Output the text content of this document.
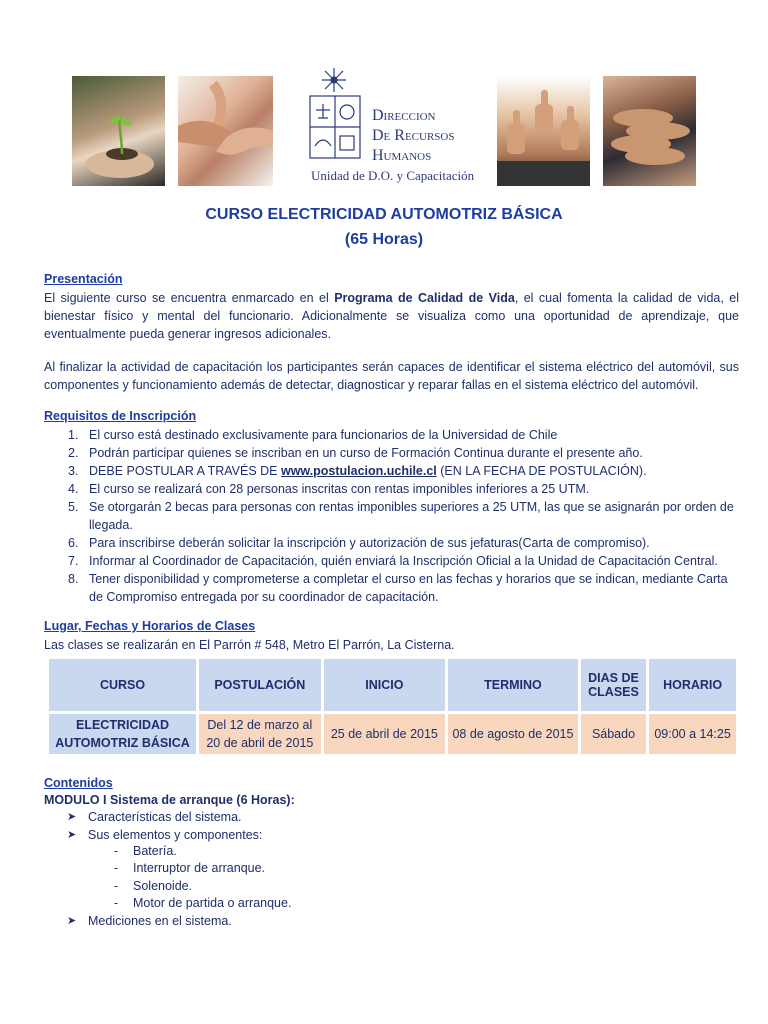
Direccion
De Recursos
Humanos
Unidad de D.O. y Capacitación
CURSO ELECTRICIDAD AUTOMOTRIZ BÁSICA
(65 Horas)
Presentación
El siguiente curso se encuentra enmarcado en el Programa de Calidad de Vida, el cual fomenta la calidad de vida, el bienestar físico y mental del funcionario. Adicionalmente se visualiza como una oportunidad de aprendizaje, que eventualmente pueda generar ingresos adicionales.
Al finalizar la actividad de capacitación los participantes serán capaces de identificar el sistema eléctrico del automóvil, sus componentes y funcionamiento además de detectar, diagnosticar y reparar fallas en el sistema eléctrico del automóvil.
Requisitos de Inscripción
1. El curso está destinado exclusivamente para funcionarios de la Universidad de Chile
2. Podrán participar quienes se inscriban en un curso de Formación Continua durante el presente año.
3. DEBE POSTULAR A TRAVÉS DE www.postulacion.uchile.cl (EN LA FECHA DE POSTULACIÓN).
4. El curso se realizará con 28 personas inscritas con rentas imponibles inferiores a 25 UTM.
5. Se otorgarán 2 becas para personas con rentas imponibles superiores a 25 UTM, las que se asignarán por orden de llegada.
6. Para inscribirse deberán solicitar la inscripción y autorización de sus jefaturas(Carta de compromiso).
7. Informar al Coordinador de Capacitación, quién enviará la Inscripción Oficial a la Unidad de Capacitación Central.
8. Tener disponibilidad y comprometerse a completar el curso en las fechas y horarios que se indican, mediante Carta de Compromiso entregada por su coordinador de capacitación.
Lugar, Fechas y Horarios de Clases
Las clases se realizarán en El Parrón # 548, Metro El Parrón, La Cisterna.
CURSO	POSTULACIÓN	INICIO	TERMINO	DIAS DE CLASES	HORARIO
ELECTRICIDAD AUTOMOTRIZ BÁSICA	Del 12 de marzo al 20 de abril de 2015	25 de abril de 2015	08 de agosto de 2015	Sábado	09:00 a 14:25
Contenidos
MODULO I Sistema de arranque (6 Horas):
➤ Características del sistema.
➤ Sus elementos y componentes:
- Batería.
- Interruptor de arranque.
- Solenoide.
- Motor de partida o arranque.
➤ Mediciones en el sistema.
